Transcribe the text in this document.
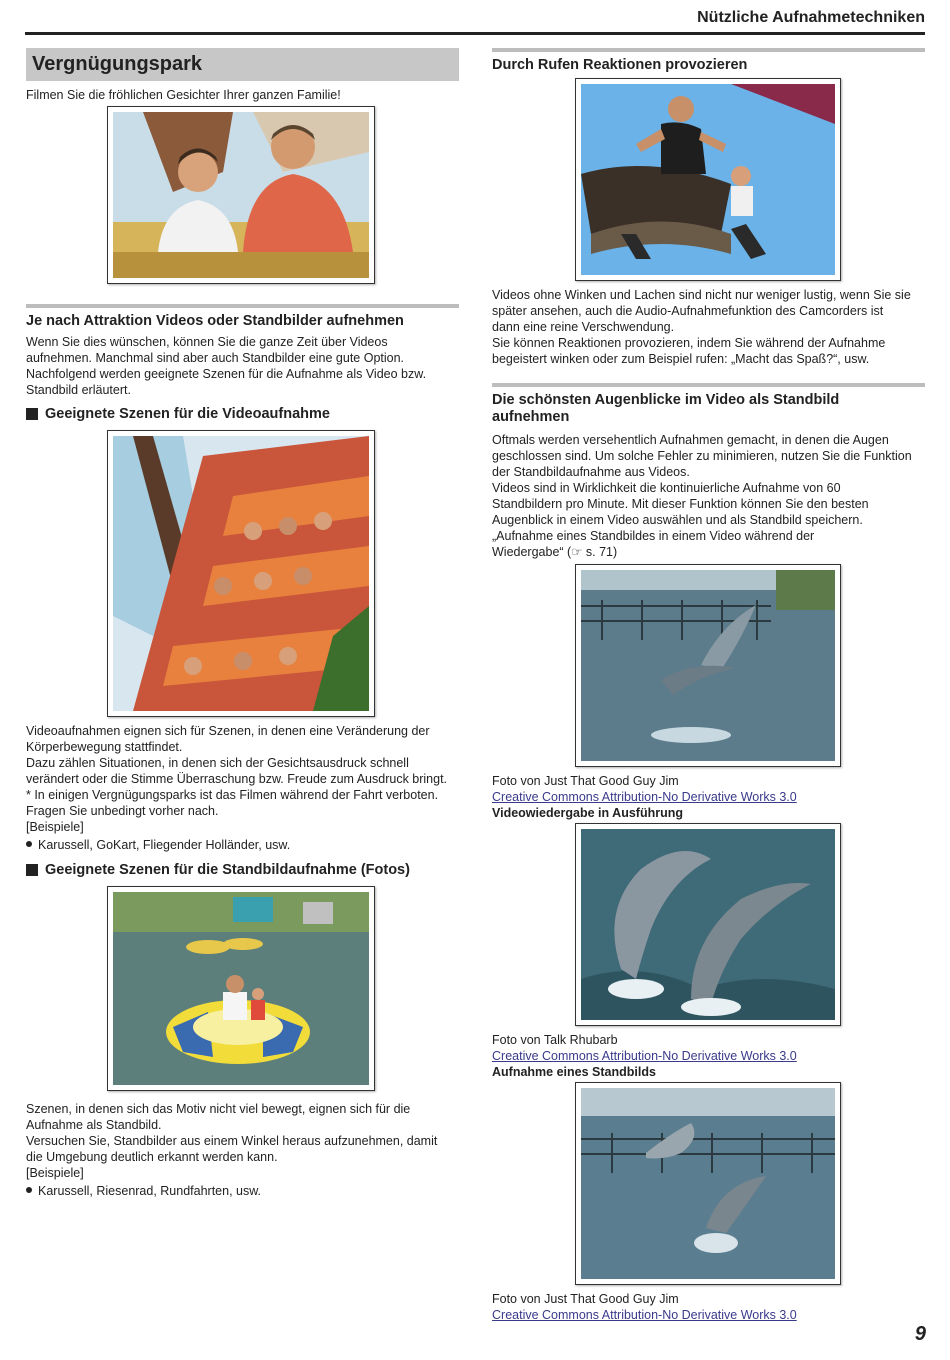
Nützliche Aufnahmetechniken
Vergnügungspark

Filmen Sie die fröhlichen Gesichter Ihrer ganzen Familie!

Je nach Attraktion Videos oder Standbilder aufnehmen

Wenn Sie dies wünschen, können Sie die ganze Zeit über Videos

aufnehmen. Manchmal sind aber auch Standbilder eine gute Option.

Nachfolgend werden geeignete Szenen für die Aufnahme als Video bzw.

Standbild erläutert.

Geeignete Szenen für die Videoaufnahme

Videoaufnahmen eignen sich für Szenen, in denen eine Veränderung der

Körperbewegung stattfindet.

Dazu zählen Situationen, in denen sich der Gesichtsausdruck schnell

verändert oder die Stimme Überraschung bzw. Freude zum Ausdruck bringt.

* In einigen Vergnügungsparks ist das Filmen während der Fahrt verboten.

Fragen Sie unbedingt vorher nach.

[Beispiele]

Karussell, GoKart, Fliegender Holländer, usw.

Geeignete Szenen für die Standbildaufnahme (Fotos)

Szenen, in denen sich das Motiv nicht viel bewegt, eignen sich für die

Aufnahme als Standbild.

Versuchen Sie, Standbilder aus einem Winkel heraus aufzunehmen, damit

die Umgebung deutlich erkannt werden kann.

[Beispiele]

Karussell, Riesenrad, Rundfahrten, usw.

Durch Rufen Reaktionen provozieren

Videos ohne Winken und Lachen sind nicht nur weniger lustig, wenn Sie sie

später ansehen, auch die Audio-Aufnahmefunktion des Camcorders ist

dann eine reine Verschwendung.

Sie können Reaktionen provozieren, indem Sie während der Aufnahme

begeistert winken oder zum Beispiel rufen: „Macht das Spaß?“, usw.

Die schönsten Augenblicke im Video als Standbild
aufnehmen

Oftmals werden versehentlich Aufnahmen gemacht, in denen die Augen

geschlossen sind. Um solche Fehler zu minimieren, nutzen Sie die Funktion

der Standbildaufnahme aus Videos.

Videos sind in Wirklichkeit die kontinuierliche Aufnahme von 60

Standbildern pro Minute. Mit dieser Funktion können Sie den besten

Augenblick in einem Video auswählen und als Standbild speichern.

„Aufnahme eines Standbildes in einem Video während der

Wiedergabe“ (☞ s. 71)

Foto von Just That Good Guy Jim

Creative Commons Attribution-No Derivative Works 3.0

Videowiedergabe in Ausführung

Foto von Talk Rhubarb

Creative Commons Attribution-No Derivative Works 3.0

Aufnahme eines Standbilds

Foto von Just That Good Guy Jim

Creative Commons Attribution-No Derivative Works 3.0
9
